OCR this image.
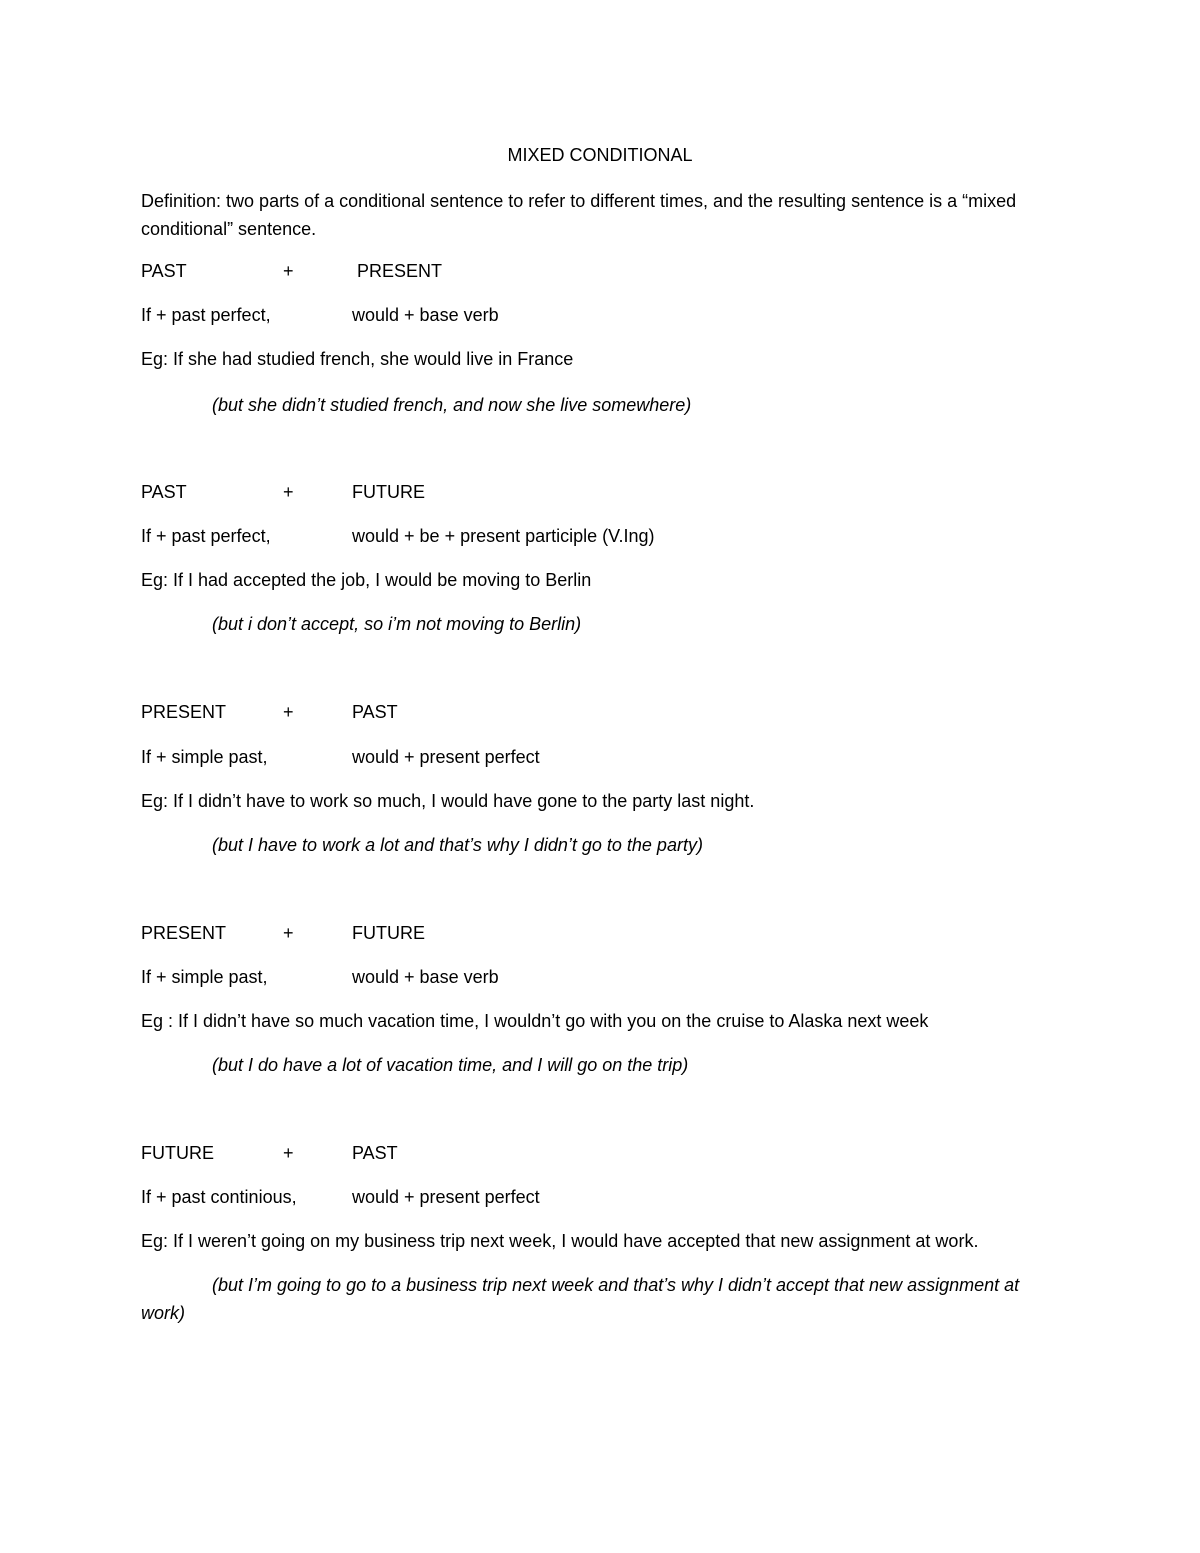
MIXED CONDITIONAL
Definition: two parts of a conditional sentence to refer to different times, and the resulting sentence is a “mixed conditional” sentence.
PAST	+	PRESENT
If + past perfect,	would + base verb
Eg: If she had studied french, she would live in France
(but she didn’t studied french, and now she live somewhere)
PAST	+	FUTURE
If + past perfect,	would + be + present participle (V.Ing)
Eg: If I had accepted the job, I would be moving to Berlin
(but i don’t accept, so i’m not moving to Berlin)
PRESENT	+	PAST
If + simple past,	would + present perfect
Eg: If I didn’t have to work so much, I would have gone to the party last night.
(but I have to work a lot and that’s why I didn’t go to the party)
PRESENT	+	FUTURE
If + simple past,	would + base verb
Eg : If I didn’t have so much vacation time, I wouldn’t go with you on the cruise to Alaska next week
(but I do have a lot of vacation time, and I will go on the trip)
FUTURE	+	PAST
If + past continious,	would + present perfect
Eg: If I weren’t going on my business trip next week, I would have accepted that new assignment at work.
(but I’m going to go to a business trip next week and that’s why I didn’t accept that new assignment at work)
